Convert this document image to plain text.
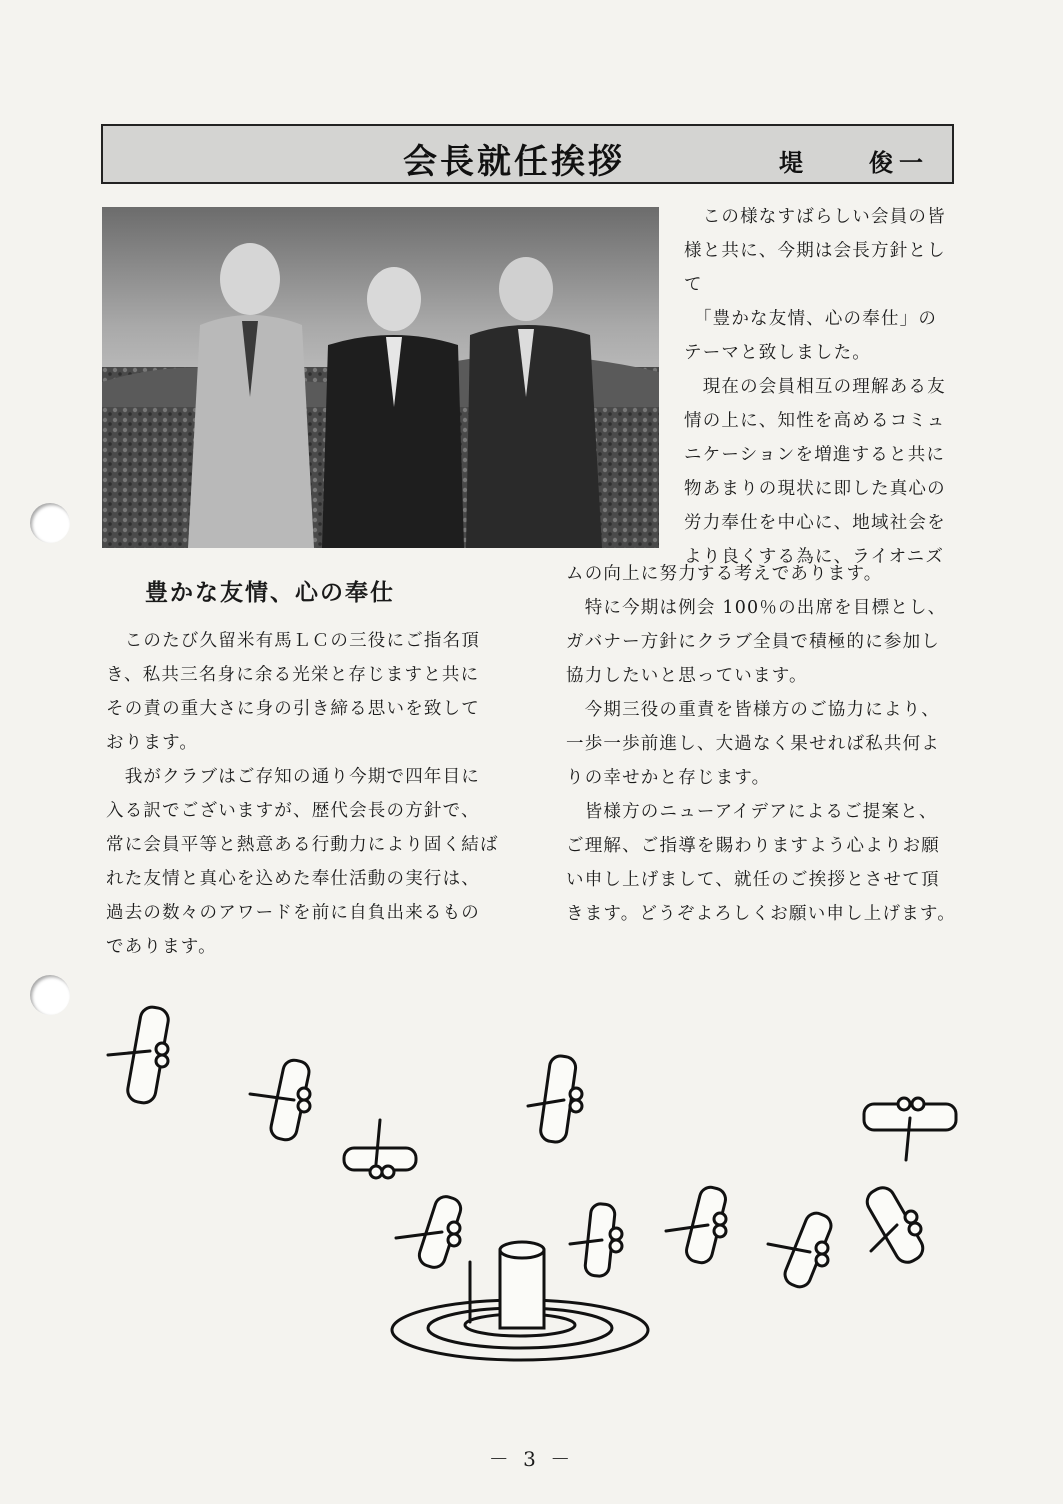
会長就任挨拶	堤　　俊一
　この様なすばらしい会員の皆
様と共に、今期は会長方針とし
て
　「豊かな友情、心の奉仕」の
テーマと致しました。
　現在の会員相互の理解ある友
情の上に、知性を高めるコミュ
ニケーションを増進すると共に
物あまりの現状に即した真心の
労力奉仕を中心に、地域社会を
より良くする為に、ライオニズ
豊かな友情、心の奉仕
　このたび久留米有馬ＬＣの三役にご指名頂
き、私共三名身に余る光栄と存じますと共に
その責の重大さに身の引き締る思いを致して
おります。
　我がクラブはご存知の通り今期で四年目に
入る訳でございますが、歴代会長の方針で、
常に会員平等と熱意ある行動力により固く結ば
れた友情と真心を込めた奉仕活動の実行は、
過去の数々のアワードを前に自負出来るもの
であります。
ムの向上に努力する考えであります。
　特に今期は例会 100％の出席を目標とし、
ガバナー方針にクラブ全員で積極的に参加し
協力したいと思っています。
　今期三役の重責を皆様方のご協力により、
一歩一歩前進し、大過なく果せれば私共何よ
りの幸せかと存じます。
　皆様方のニューアイデアによるご提案と、
ご理解、ご指導を賜わりますよう心よりお願
い申し上げまして、就任のご挨拶とさせて頂
きます。どうぞよろしくお願い申し上げます。
－ 3 －
